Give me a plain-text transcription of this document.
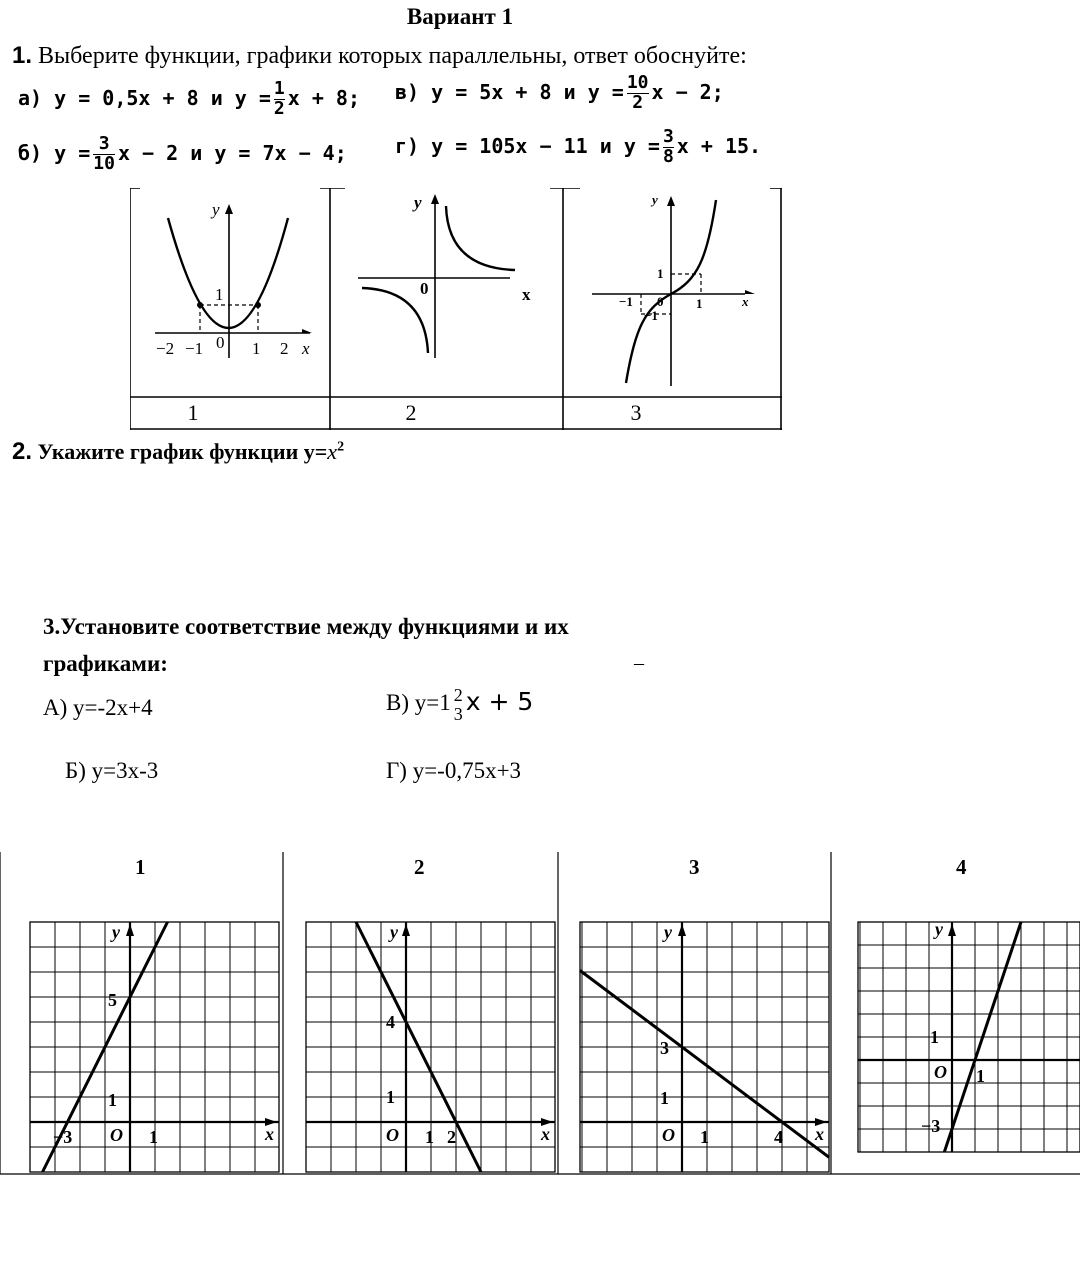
Вариант 1
1. Выберите функции, графики которых параллельны, ответ обоснуйте:
а) y = 0,5x + 8 и $y = \frac{1}{2}$ x + 8; в) y = 5x + 8 и $y = \frac{10}{2}$ x − 2;
б) $y = \frac{3}{10}$ x − 2 и y = 7x − 4; г) y = 105x − 11 и $y = \frac{3}{8}$ x + 15.
1	2	3
y
x
1
0
−2 −1	1 2
y
x
0
y
x
1
0
−1	1
−1
2. Укажите график функции $y=x^2$
3.Установите соответствие между функциями и их графиками:	–
А) y=-2x+4
Б) y=3x-3
В) y=1 2
3 x + 5
Г) y=-0,75x+3
1	2	3	4
y
x
O
5
1
1
−3
y
x
O
4
1
1 2
y
x
O
3
1
1	4
y
O
1
1
−3
